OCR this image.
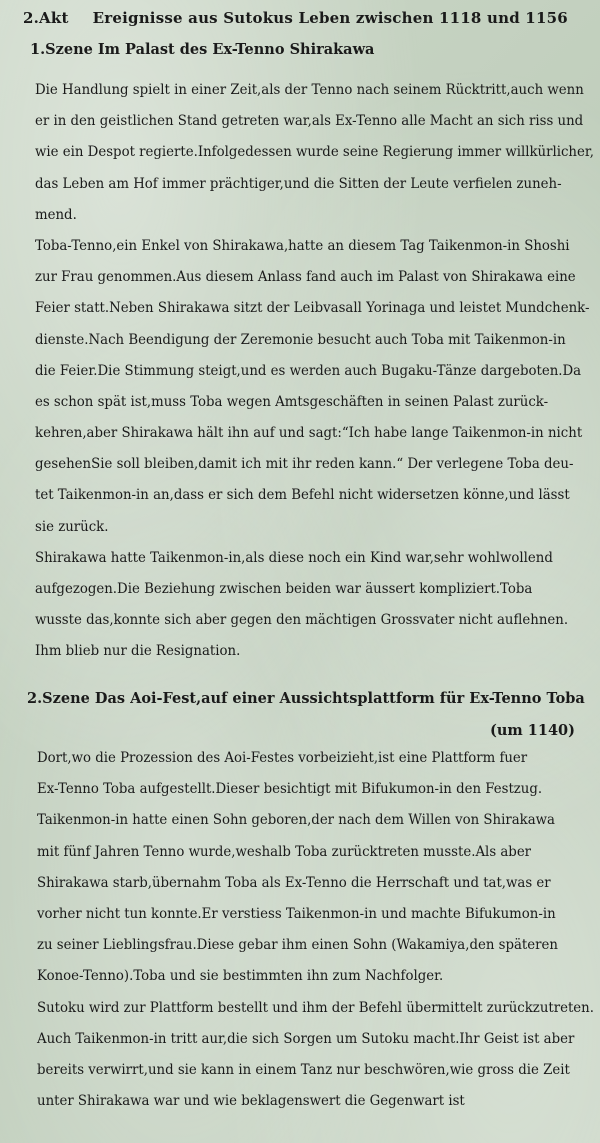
2.Akt Ereignisse aus Sutokus Leben zwischen 1118 und 1156
1.Szene Im Palast des Ex-Tenno Shirakawa
Die Handlung spielt in einer Zeit,als der Tenno nach seinem Rücktritt,auch wenn
er in den geistlichen Stand getreten war,als Ex-Tenno alle Macht an sich riss und
wie ein Despot regierte.Infolgedessen wurde seine Regierung immer willkürlicher,
das Leben am Hof immer prächtiger,und die Sitten der Leute verfielen zuneh-
mend.
Toba-Tenno,ein Enkel von Shirakawa,hatte an diesem Tag Taikenmon-in Shoshi
zur Frau genommen.Aus diesem Anlass fand auch im Palast von Shirakawa eine
Feier statt.Neben Shirakawa sitzt der Leibvasall Yorinaga und leistet Mundchenk-
dienste.Nach Beendigung der Zeremonie besucht auch Toba mit Taikenmon-in
die Feier.Die Stimmung steigt,und es werden auch Bugaku-Tänze dargeboten.Da
es schon spät ist,muss Toba wegen Amtsgeschäften in seinen Palast zurück-
kehren,aber Shirakawa hält ihn auf und sagt:“Ich habe lange Taikenmon-in nicht
gesehenSie soll bleiben,damit ich mit ihr reden kann.“ Der verlegene Toba deu-
tet Taikenmon-in an,dass er sich dem Befehl nicht widersetzen könne,und lässt
sie zurück.
Shirakawa hatte Taikenmon-in,als diese noch ein Kind war,sehr wohlwollend
aufgezogen.Die Beziehung zwischen beiden war äussert kompliziert.Toba
wusste das,konnte sich aber gegen den mächtigen Grossvater nicht auflehnen.
Ihm blieb nur die Resignation.
2.Szene Das Aoi-Fest,auf einer Aussichtsplattform für Ex-Tenno Toba
(um 1140)
Dort,wo die Prozession des Aoi-Festes vorbeizieht,ist eine Plattform fuer
Ex-Tenno Toba aufgestellt.Dieser besichtigt mit Bifukumon-in den Festzug.
Taikenmon-in hatte einen Sohn geboren,der nach dem Willen von Shirakawa
mit fünf Jahren Tenno wurde,weshalb Toba zurücktreten musste.Als aber
Shirakawa starb,übernahm Toba als Ex-Tenno die Herrschaft und tat,was er
vorher nicht tun konnte.Er verstiess Taikenmon-in und machte Bifukumon-in
zu seiner Lieblingsfrau.Diese gebar ihm einen Sohn (Wakamiya,den späteren
Konoe-Tenno).Toba und sie bestimmten ihn zum Nachfolger.
Sutoku wird zur Plattform bestellt und ihm der Befehl übermittelt zurückzutreten.
Auch Taikenmon-in tritt aur,die sich Sorgen um Sutoku macht.Ihr Geist ist aber
bereits verwirrt,und sie kann in einem Tanz nur beschwören,wie gross die Zeit
unter Shirakawa war und wie beklagenswert die Gegenwart ist
